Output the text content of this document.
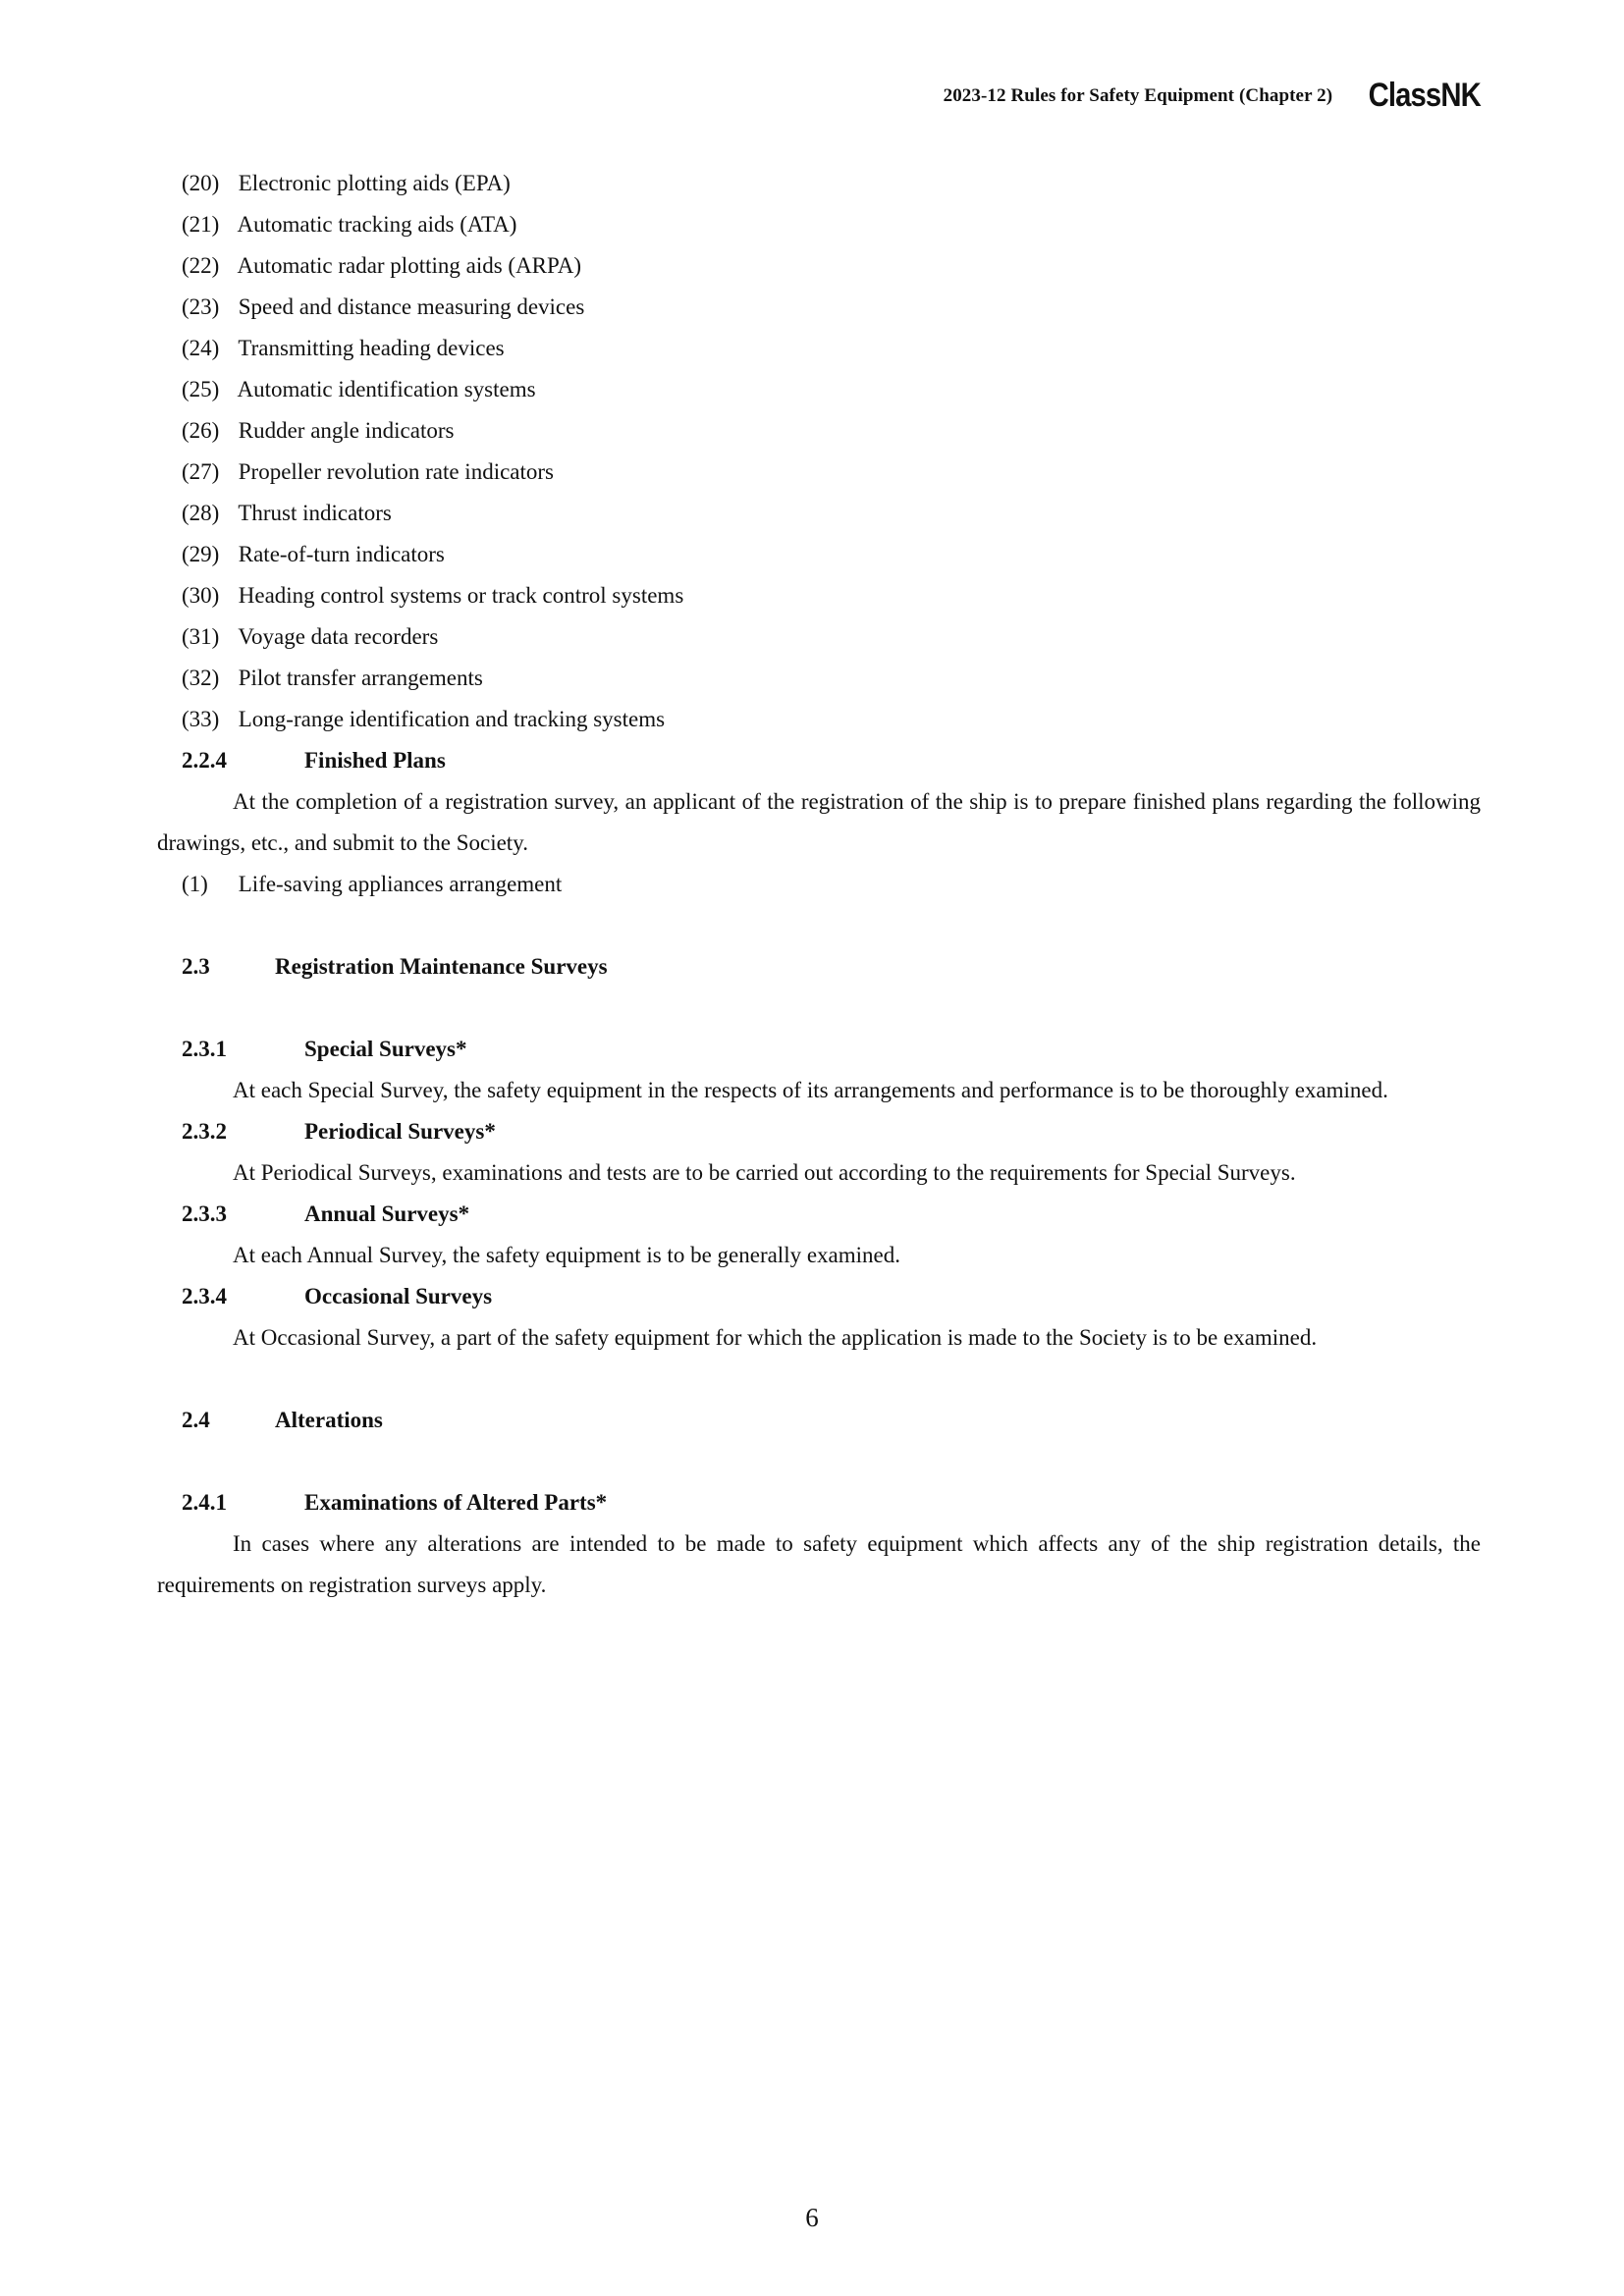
2023-12 Rules for Safety Equipment (Chapter 2) ClassNK
(20) Electronic plotting aids (EPA)
(21) Automatic tracking aids (ATA)
(22) Automatic radar plotting aids (ARPA)
(23) Speed and distance measuring devices
(24) Transmitting heading devices
(25) Automatic identification systems
(26) Rudder angle indicators
(27) Propeller revolution rate indicators
(28) Thrust indicators
(29) Rate-of-turn indicators
(30) Heading control systems or track control systems
(31) Voyage data recorders
(32) Pilot transfer arrangements
(33) Long-range identification and tracking systems
2.2.4	Finished Plans

At the completion of a registration survey, an applicant of the registration of the ship is to prepare finished plans regarding the following drawings, etc., and submit to the Society.

(1) Life-saving appliances arrangement
2.3	Registration Maintenance Surveys
2.3.1	Special Surveys*

At each Special Survey, the safety equipment in the respects of its arrangements and performance is to be thoroughly examined.

2.3.2	Periodical Surveys*

At Periodical Surveys, examinations and tests are to be carried out according to the requirements for Special Surveys.

2.3.3	Annual Surveys*

At each Annual Survey, the safety equipment is to be generally examined.

2.3.4	Occasional Surveys

At Occasional Survey, a part of the safety equipment for which the application is made to the Society is to be examined.

2.4	Alterations
2.4.1	Examinations of Altered Parts*

In cases where any alterations are intended to be made to safety equipment which affects any of the ship registration details, the requirements on registration surveys apply.

6
